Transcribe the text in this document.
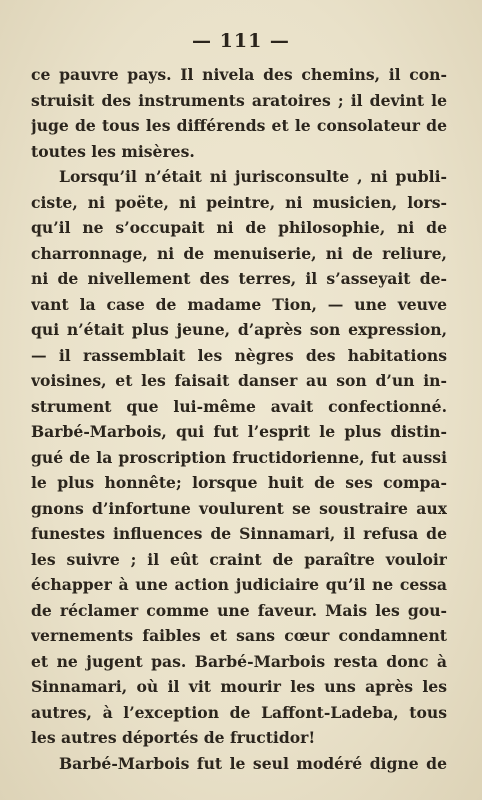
— 111 —
ce pauvre pays. Il nivela des chemins, il con-
struisit des instruments aratoires ; il devint le
juge de tous les différends et le consolateur de
toutes les misères.
Lorsqu’il n’était ni jurisconsulte , ni publi-
ciste, ni poëte, ni peintre, ni musicien, lors-
qu’il ne s’occupait ni de philosophie, ni de
charronnage, ni de menuiserie, ni de reliure,
ni de nivellement des terres, il s’asseyait de-
vant la case de madame Tion, — une veuve
qui n’était plus jeune, d’après son expression,
— il rassemblait les nègres des habitations
voisines, et les faisait danser au son d’un in-
strument que lui-même avait confectionné.
Barbé-Marbois, qui fut l’esprit le plus distin-
gué de la proscription fructidorienne, fut aussi
le plus honnête; lorsque huit de ses compa-
gnons d’infortune voulurent se soustraire aux
funestes influences de Sinnamari, il refusa de
les suivre ; il eût craint de paraître vouloir
échapper à une action judiciaire qu’il ne cessa
de réclamer comme une faveur. Mais les gou-
vernements faibles et sans cœur condamnent
et ne jugent pas. Barbé-Marbois resta donc à
Sinnamari, où il vit mourir les uns après les
autres, à l’exception de Laffont-Ladeba, tous
les autres déportés de fructidor!
Barbé-Marbois fut le seul modéré digne de
